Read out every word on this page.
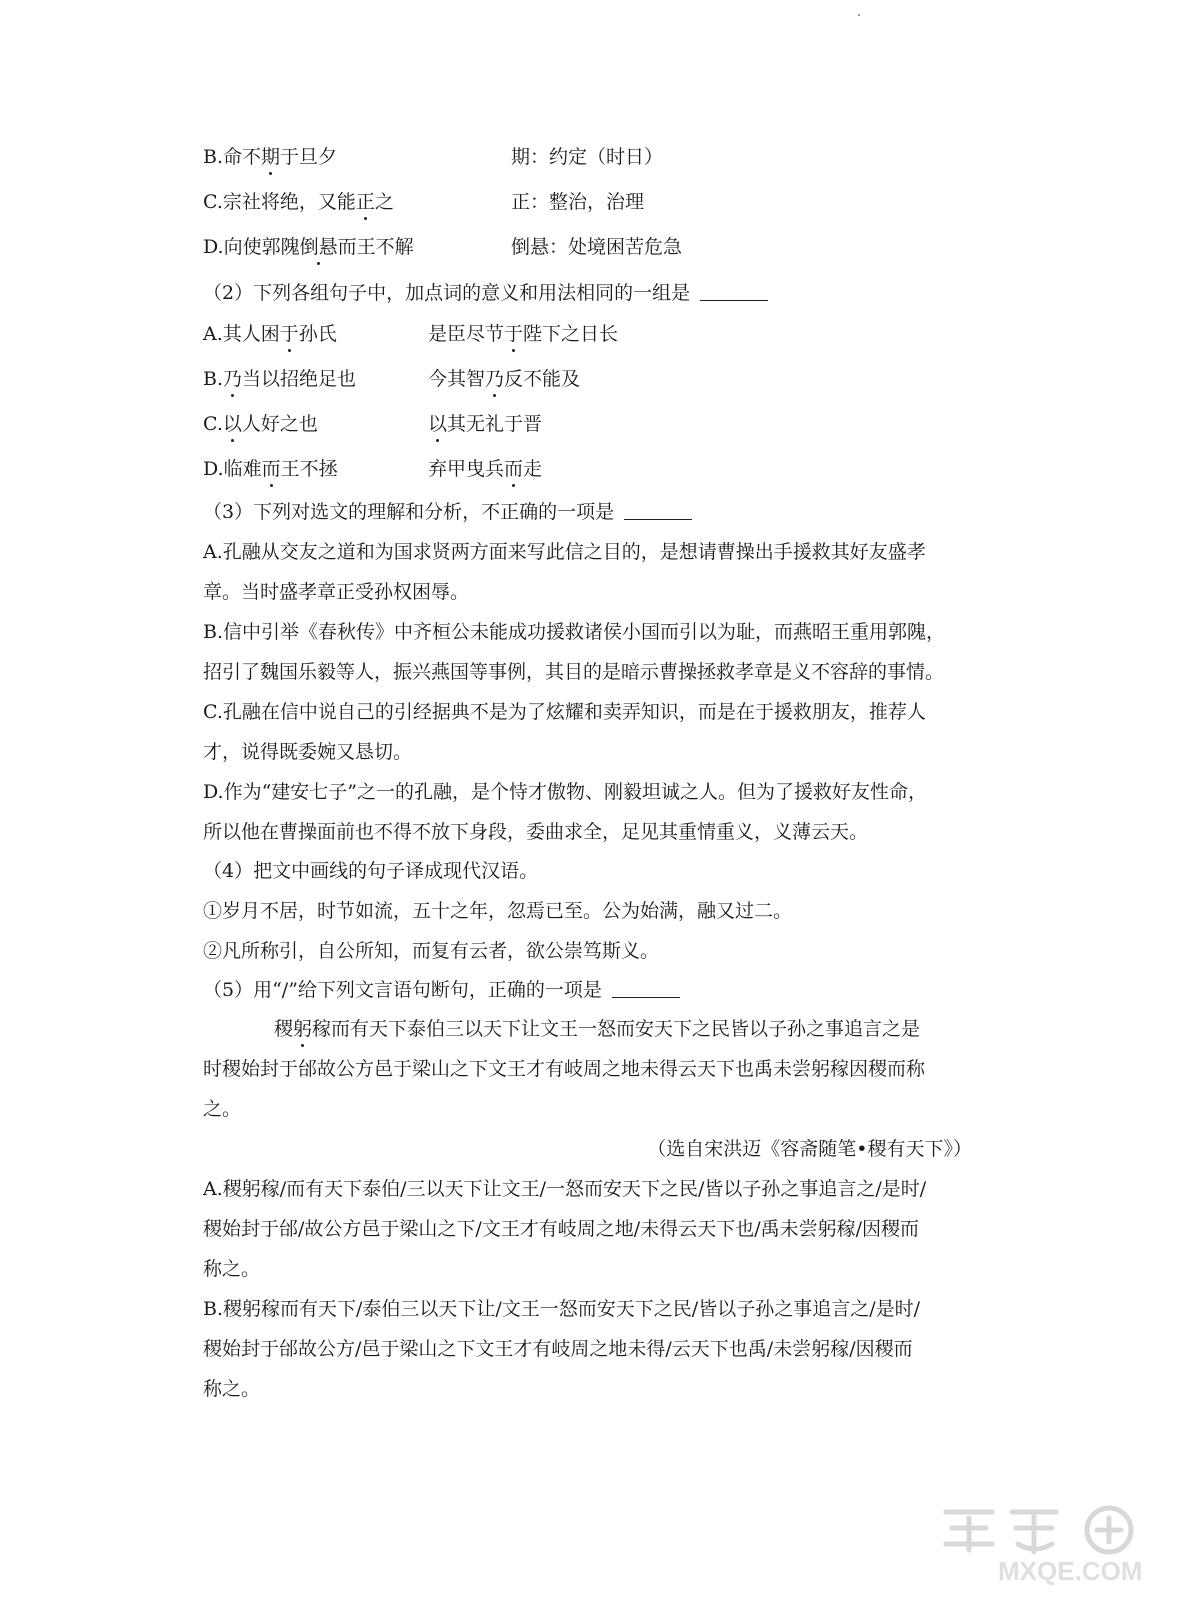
B.命不期于旦夕	期：约定（时日）
C.宗社将绝，又能正之	正：整治，治理
D.向使郭隗倒悬而王不解	倒悬：处境困苦危急
（2）下列各组句子中，加点词的意义和用法相同的一组是
A.其人困于孙氏	是臣尽节于陛下之日长
B.乃当以招绝足也	今其智乃反不能及
C.以人好之也	以其无礼于晋
D.临难而王不拯	弃甲曳兵而走
（3）下列对选文的理解和分析，不正确的一项是
A.孔融从交友之道和为国求贤两方面来写此信之目的，是想请曹操出手援救其好友盛孝
章。当时盛孝章正受孙权困辱。
B.信中引举《春秋传》中齐桓公未能成功援救诸侯小国而引以为耻，而燕昭王重用郭隗，
招引了魏国乐毅等人，振兴燕国等事例，其目的是暗示曹操拯救孝章是义不容辞的事情。
C.孔融在信中说自己的引经据典不是为了炫耀和卖弄知识，而是在于援救朋友，推荐人
才，说得既委婉又恳切。
D.作为“建安七子”之一的孔融，是个恃才傲物、刚毅坦诚之人。但为了援救好友性命，
所以他在曹操面前也不得不放下身段，委曲求全，足见其重情重义，义薄云天。
（4）把文中画线的句子译成现代汉语。
①岁月不居，时节如流，五十之年，忽焉已至。公为始满，融又过二。
②凡所称引，自公所知，而复有云者，欲公崇笃斯义。
（5）用“/”给下列文言语句断句，正确的一项是
稷躬稼而有天下泰伯三以天下让文王一怒而安天下之民皆以子孙之事追言之是
时稷始封于邰故公方邑于梁山之下文王才有岐周之地未得云天下也禹未尝躬稼因稷而称
之。
（选自宋洪迈《容斋随笔•稷有天下》）
A.稷躬稼/而有天下泰伯/三以天下让文王/一怒而安天下之民/皆以子孙之事追言之/是时/
稷始封于邰/故公方邑于梁山之下/文王才有岐周之地/未得云天下也/禹未尝躬稼/因稷而
称之。
B.稷躬稼而有天下/泰伯三以天下让/文王一怒而安天下之民/皆以子孙之事追言之/是时/
稷始封于邰故公方/邑于梁山之下文王才有岐周之地未得/云天下也禹/未尝躬稼/因稷而
称之。
MXQE.COM
